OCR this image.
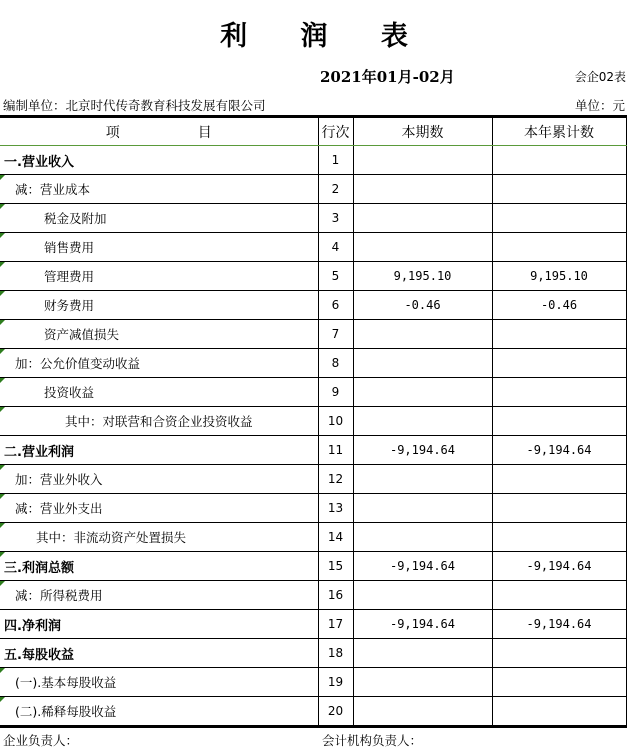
利 润 表
2021年01月-02月	会企02表
编制单位：北京时代传奇教育科技发展有限公司	单位：元
项 目	行次	本期数	本年累计数
一.营业收入	1		

减：营业成本	2		

税金及附加	3		

销售费用	4		

管理费用	5	9,195.10	9,195.10

财务费用	6	-0.46	-0.46

资产减值损失	7		

加：公允价值变动收益	8		

投资收益	9		

其中：对联营和合资企业投资收益	10		
二.营业利润	11	-9,194.64	-9,194.64

加：营业外收入	12		

减：营业外支出	13		

其中：非流动资产处置损失	14		

三.利润总额	15	-9,194.64	-9,194.64

减：所得税费用	16		
四.净利润	17	-9,194.64	-9,194.64
五.每股收益	18		

(一).基本每股收益	19		

(二).稀释每股收益	20		
企业负责人：	会计机构负责人：
